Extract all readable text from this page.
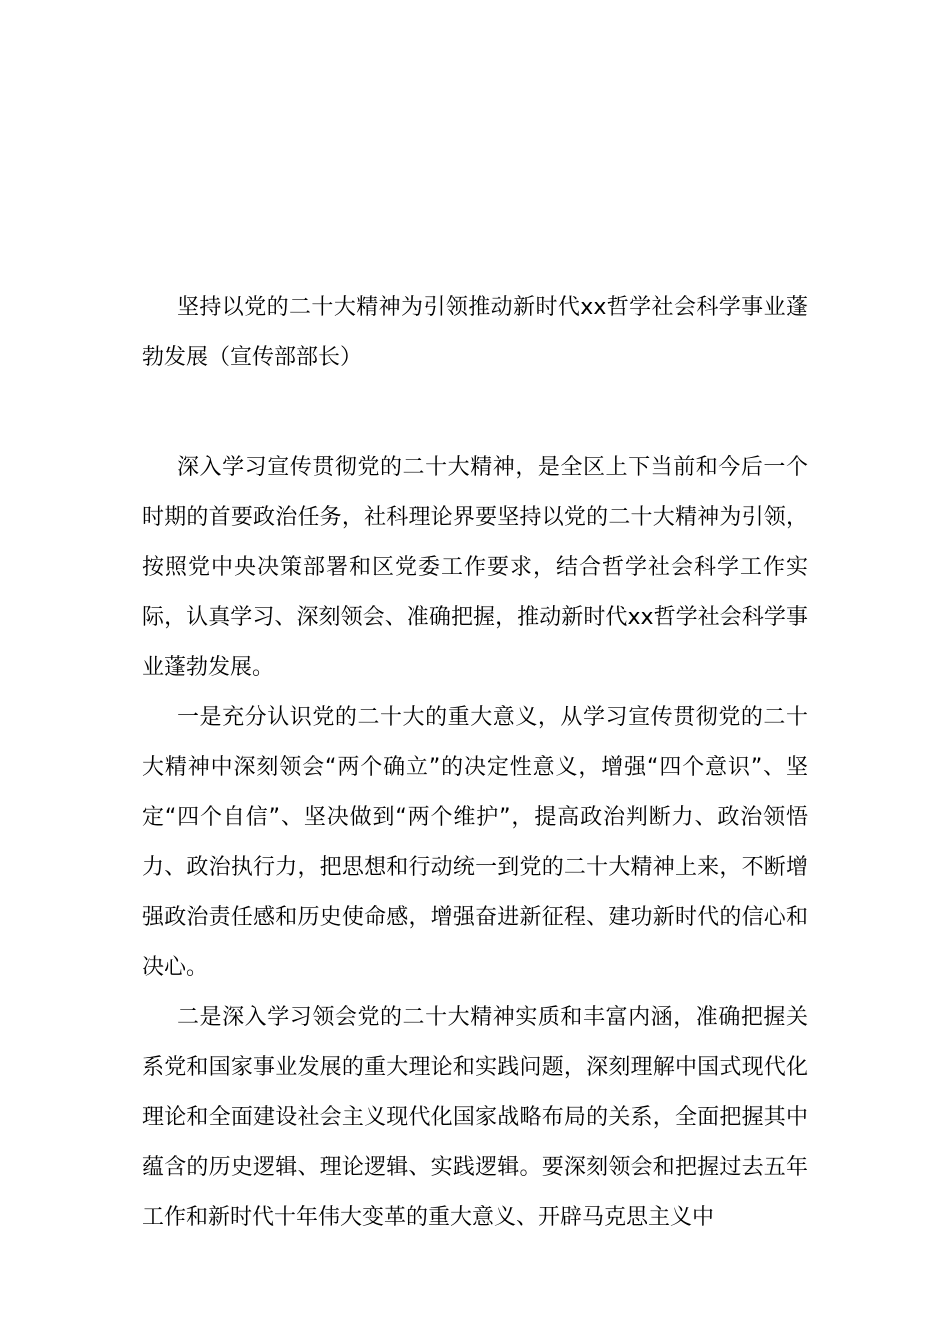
坚持以党的二十大精神为引领推动新时代xx哲学社会科学事业蓬勃发展（宣传部部长）

深入学习宣传贯彻党的二十大精神，是全区上下当前和今后一个时期的首要政治任务，社科理论界要坚持以党的二十大精神为引领，按照党中央决策部署和区党委工作要求，结合哲学社会科学工作实际，认真学习、深刻领会、准确把握，推动新时代xx哲学社会科学事业蓬勃发展。

一是充分认识党的二十大的重大意义，从学习宣传贯彻党的二十大精神中深刻领会“两个确立”的决定性意义，增强“四个意识”、坚定“四个自信”、坚决做到“两个维护”，提高政治判断力、政治领悟力、政治执行力，把思想和行动统一到党的二十大精神上来，不断增强政治责任感和历史使命感，增强奋进新征程、建功新时代的信心和决心。

二是深入学习领会党的二十大精神实质和丰富内涵，准确把握关系党和国家事业发展的重大理论和实践问题，深刻理解中国式现代化理论和全面建设社会主义现代化国家战略布局的关系，全面把握其中蕴含的历史逻辑、理论逻辑、实践逻辑。要深刻领会和把握过去五年工作和新时代十年伟大变革的重大意义、开辟马克思主义中
